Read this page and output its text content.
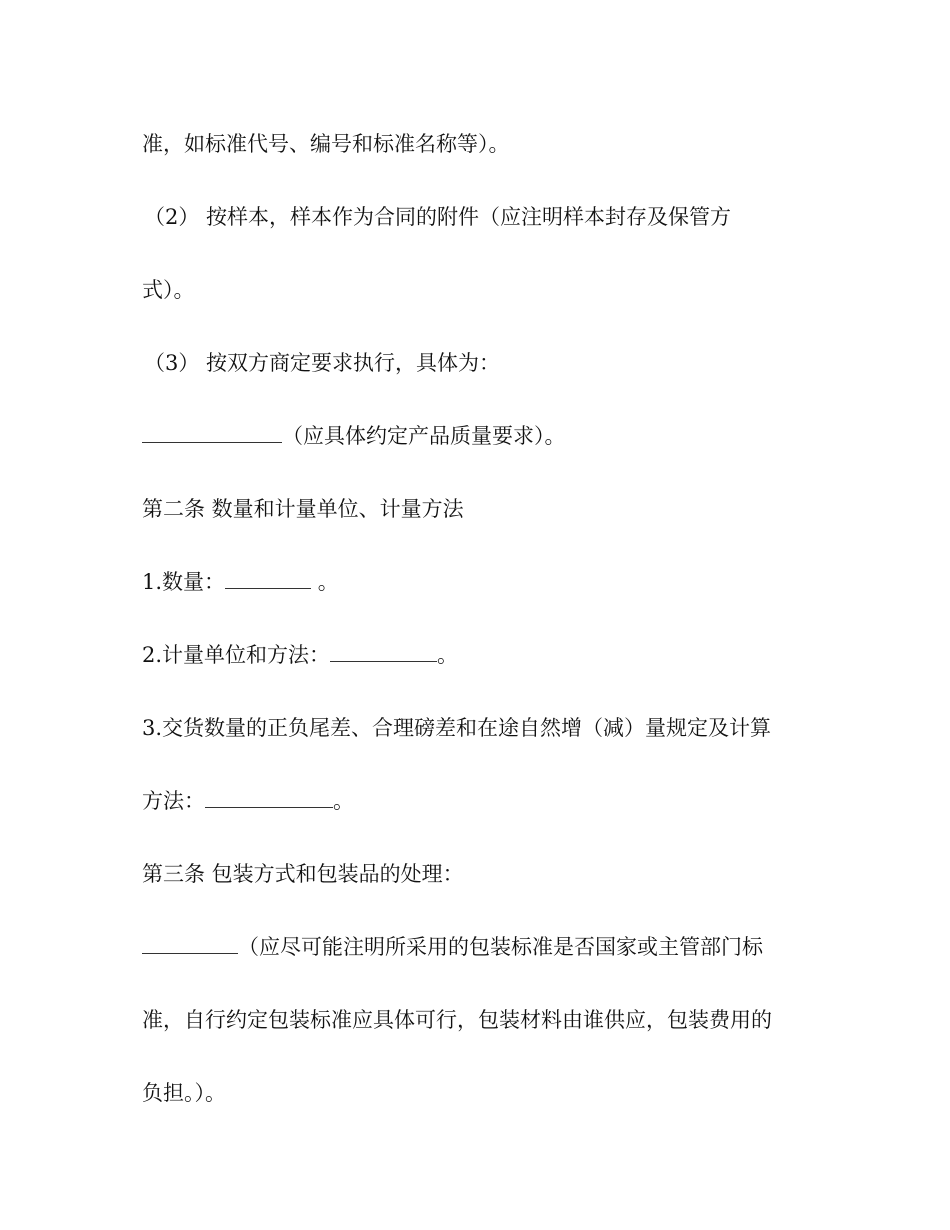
准，如标准代号、编号和标准名称等）。
（2） 按样本，样本作为合同的附件（应注明样本封存及保管方
式）。
（3） 按双方商定要求执行，具体为：
（应具体约定产品质量要求）。
第二条 数量和计量单位、计量方法
1.数量：	。
2.计量单位和方法：	。
3.交货数量的正负尾差、合理磅差和在途自然增（减）量规定及计算
方法：	。
第三条 包装方式和包装品的处理：
（应尽可能注明所采用的包装标准是否国家或主管部门标
准，自行约定包装标准应具体可行，包装材料由谁供应，包装费用的
负担。）。
